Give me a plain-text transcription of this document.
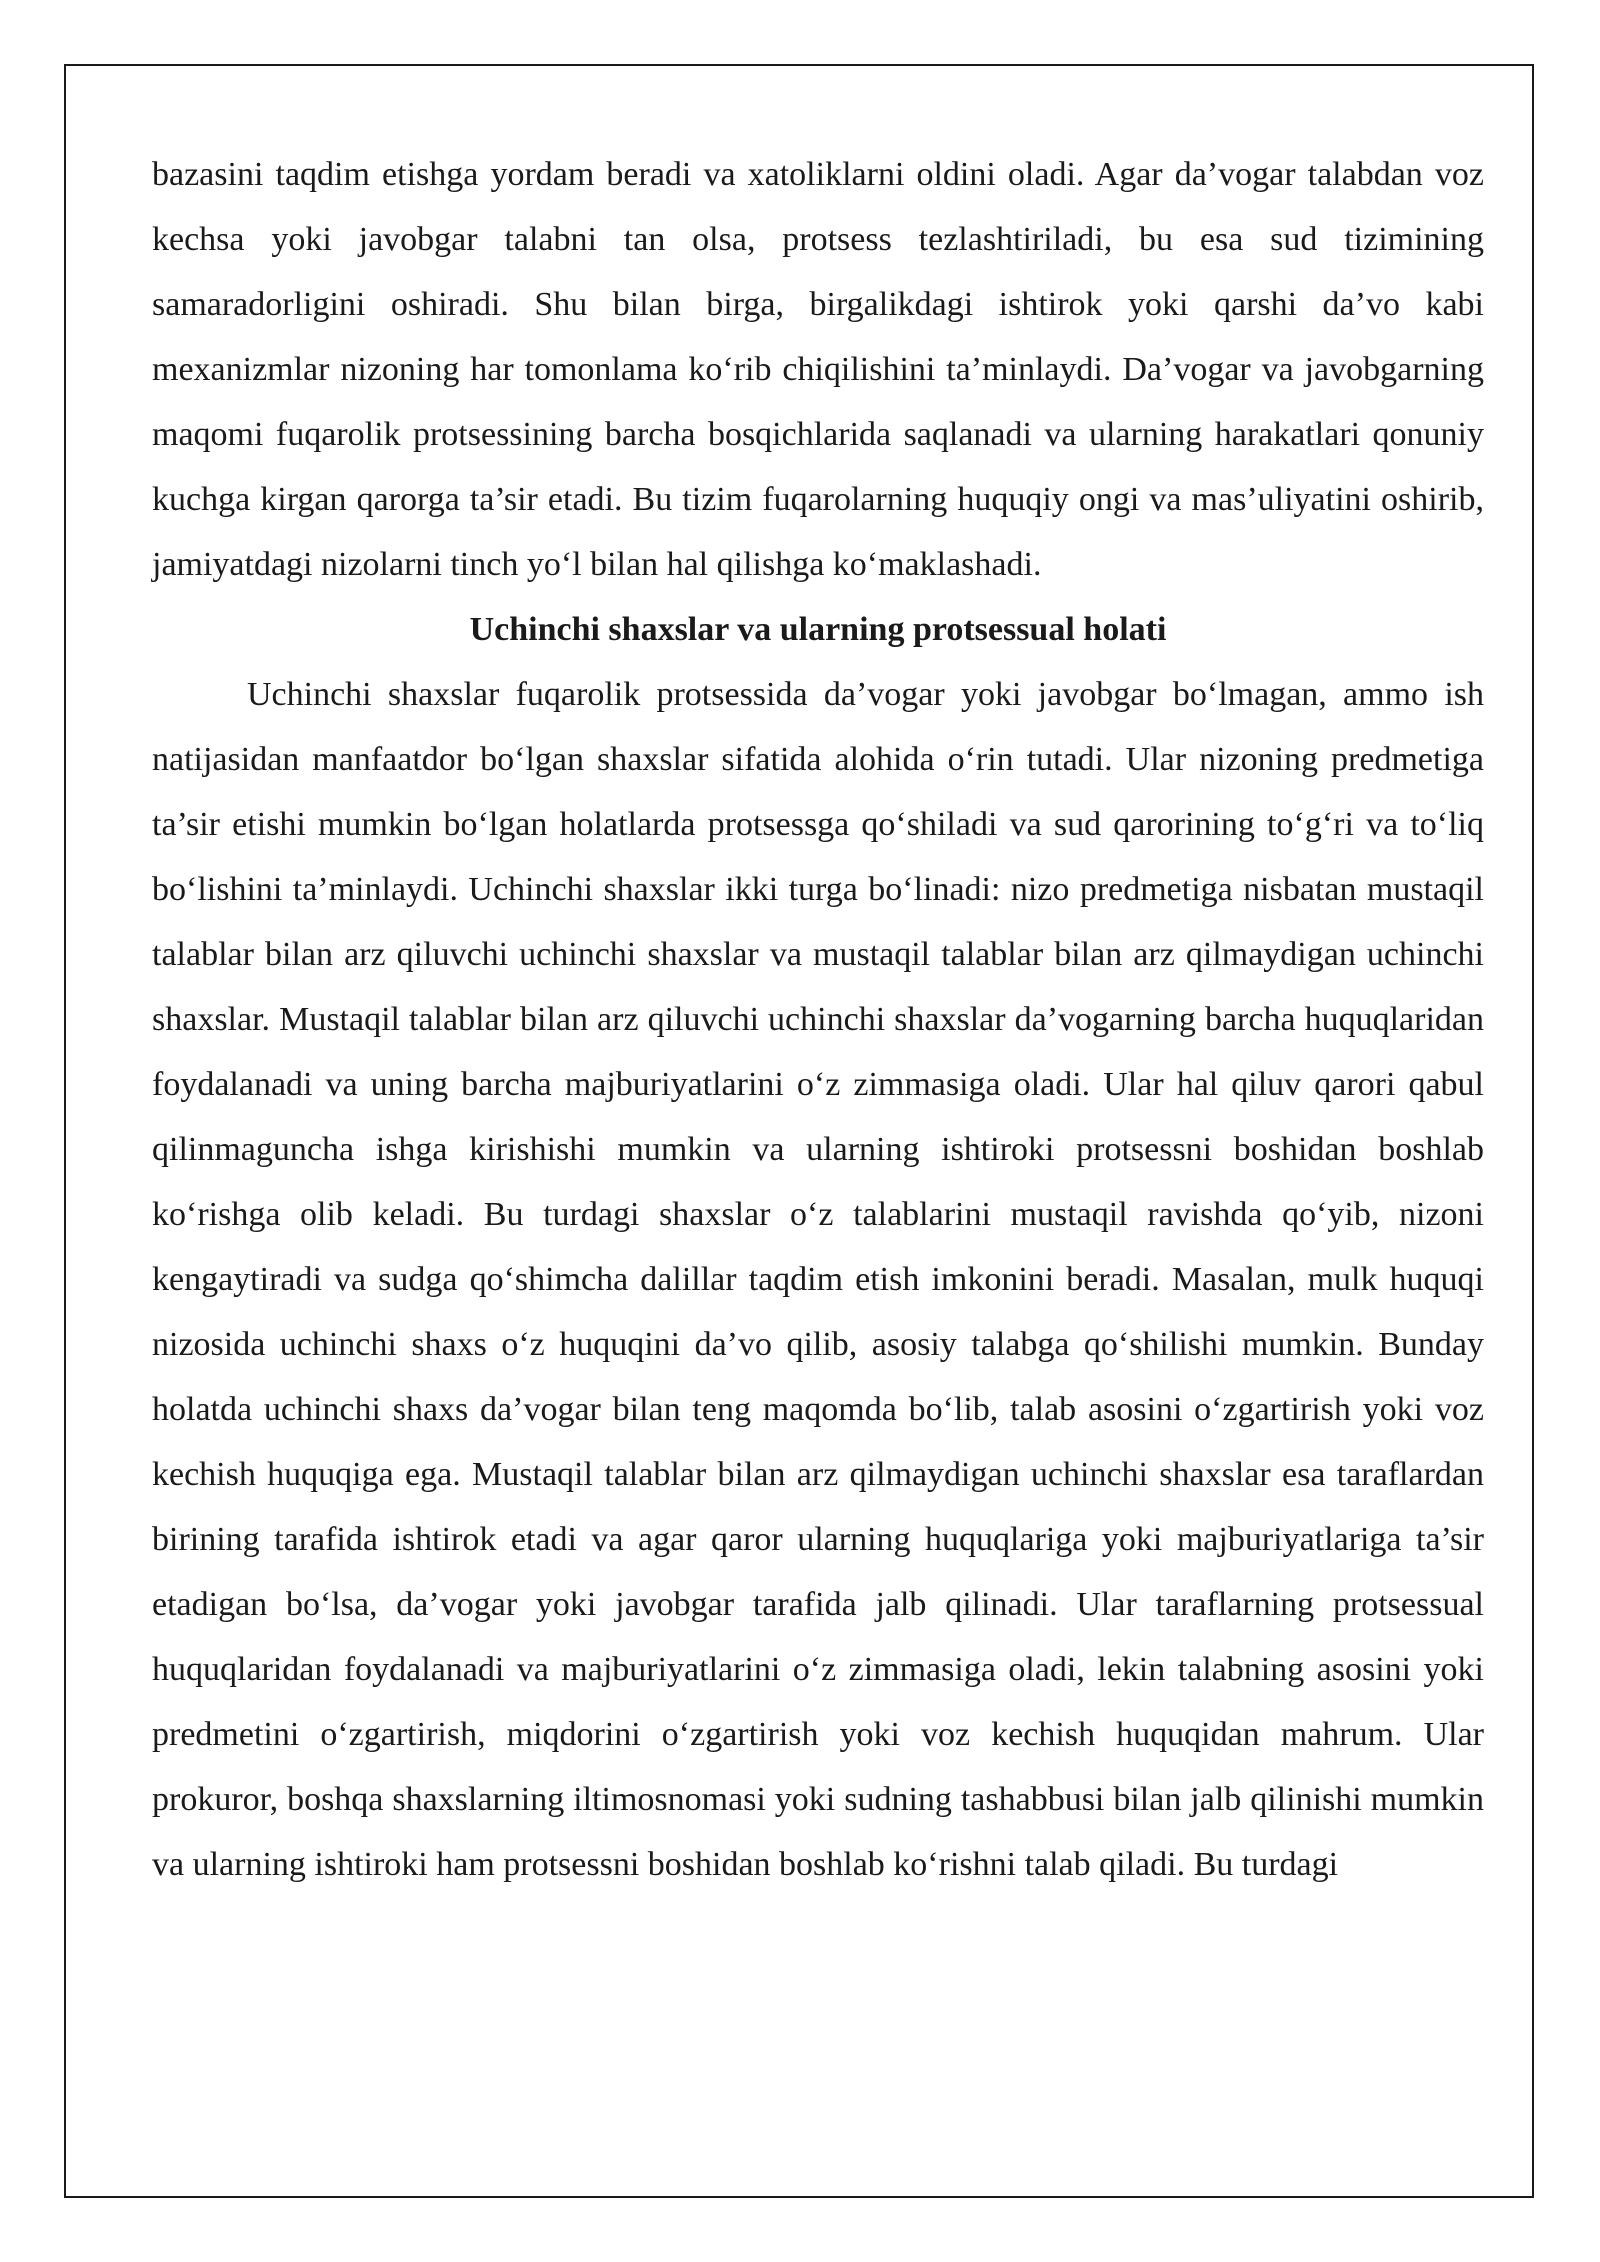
bazasini taqdim etishga yordam beradi va xatoliklarni oldini oladi. Agar da’vogar talabdan voz kechsa yoki javobgar talabni tan olsa, protsess tezlashtiriladi, bu esa sud tizimining samaradorligini oshiradi. Shu bilan birga, birgalikdagi ishtirok yoki qarshi da’vo kabi mexanizmlar nizoning har tomonlama ko‘rib chiqilishini ta’minlaydi. Da’vogar va javobgarning maqomi fuqarolik protsessining barcha bosqichlarida saqlanadi va ularning harakatlari qonuniy kuchga kirgan qarorga ta’sir etadi. Bu tizim fuqarolarning huquqiy ongi va mas’uliyatini oshirib, jamiyatdagi nizolarni tinch yo‘l bilan hal qilishga ko‘maklashadi.

Uchinchi shaxslar va ularning protsessual holati

Uchinchi shaxslar fuqarolik protsessida da’vogar yoki javobgar bo‘lmagan, ammo ish natijasidan manfaatdor bo‘lgan shaxslar sifatida alohida o‘rin tutadi. Ular nizoning predmetiga ta’sir etishi mumkin bo‘lgan holatlarda protsessga qo‘shiladi va sud qarorining to‘g‘ri va to‘liq bo‘lishini ta’minlaydi. Uchinchi shaxslar ikki turga bo‘linadi: nizo predmetiga nisbatan mustaqil talablar bilan arz qiluvchi uchinchi shaxslar va mustaqil talablar bilan arz qilmaydigan uchinchi shaxslar. Mustaqil talablar bilan arz qiluvchi uchinchi shaxslar da’vogarning barcha huquqlaridan foydalanadi va uning barcha majburiyatlarini o‘z zimmasiga oladi. Ular hal qiluv qarori qabul qilinmaguncha ishga kirishishi mumkin va ularning ishtiroki protsessni boshidan boshlab ko‘rishga olib keladi. Bu turdagi shaxslar o‘z talablarini mustaqil ravishda qo‘yib, nizoni kengaytiradi va sudga qo‘shimcha dalillar taqdim etish imkonini beradi. Masalan, mulk huquqi nizosida uchinchi shaxs o‘z huquqini da’vo qilib, asosiy talabga qo‘shilishi mumkin. Bunday holatda uchinchi shaxs da’vogar bilan teng maqomda bo‘lib, talab asosini o‘zgartirish yoki voz kechish huquqiga ega. Mustaqil talablar bilan arz qilmaydigan uchinchi shaxslar esa taraflardan birining tarafida ishtirok etadi va agar qaror ularning huquqlariga yoki majburiyatlariga ta’sir etadigan bo‘lsa, da’vogar yoki javobgar tarafida jalb qilinadi. Ular taraflarning protsessual huquqlaridan foydalanadi va majburiyatlarini o‘z zimmasiga oladi, lekin talabning asosini yoki predmetini o‘zgartirish, miqdorini o‘zgartirish yoki voz kechish huquqidan mahrum. Ular prokuror, boshqa shaxslarning iltimosnomasi yoki sudning tashabbusi bilan jalb qilinishi mumkin va ularning ishtiroki ham protsessni boshidan boshlab ko‘rishni talab qiladi. Bu turdagi
